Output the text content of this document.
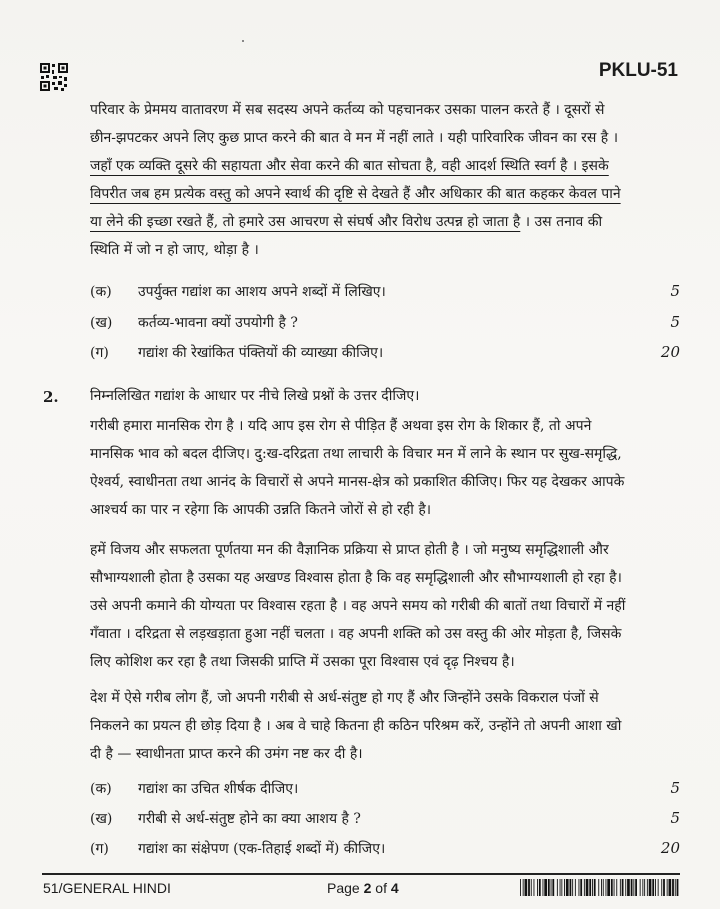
PKLU-51
परिवार के प्रेममय वातावरण में सब सदस्य अपने कर्तव्य को पहचानकर उसका पालन करते हैं । दूसरों से
छीन-झपटकर अपने लिए कुछ प्राप्त करने की बात वे मन में नहीं लाते । यही पारिवारिक जीवन का रस है ।
जहाँ एक व्यक्ति दूसरे की सहायता और सेवा करने की बात सोचता है, वही आदर्श स्थिति स्वर्ग है । इसके
विपरीत जब हम प्रत्येक वस्तु को अपने स्वार्थ की दृष्टि से देखते हैं और अधिकार की बात कहकर केवल पाने
या लेने की इच्छा रखते हैं, तो हमारे उस आचरण से संघर्ष और विरोध उत्पन्न हो जाता है । उस तनाव की
स्थिति में जो न हो जाए, थोड़ा है ।
(क) उपर्युक्त गद्यांश का आशय अपने शब्दों में लिखिए।	5
(ख) कर्तव्य-भावना क्यों उपयोगी है ?	5
(ग) गद्यांश की रेखांकित पंक्तियों की व्याख्या कीजिए।	20
2. निम्नलिखित गद्यांश के आधार पर नीचे लिखे प्रश्नों के उत्तर दीजिए।
गरीबी हमारा मानसिक रोग है । यदि आप इस रोग से पीड़ित हैं अथवा इस रोग के शिकार हैं, तो अपने
मानसिक भाव को बदल दीजिए। दु:ख-दरिद्रता तथा लाचारी के विचार मन में लाने के स्थान पर सुख-समृद्धि,
ऐश्वर्य, स्वाधीनता तथा आनंद के विचारों से अपने मानस-क्षेत्र को प्रकाशित कीजिए। फिर यह देखकर आपके
आश्चर्य का पार न रहेगा कि आपकी उन्नति कितने जोरों से हो रही है।
हमें विजय और सफलता पूर्णतया मन की वैज्ञानिक प्रक्रिया से प्राप्त होती है । जो मनुष्य समृद्धिशाली और
सौभाग्यशाली होता है उसका यह अखण्ड विश्वास होता है कि वह समृद्धिशाली और सौभाग्यशाली हो रहा है।
उसे अपनी कमाने की योग्यता पर विश्वास रहता है । वह अपने समय को गरीबी की बातों तथा विचारों में नहीं
गँवाता । दरिद्रता से लड़खड़ाता हुआ नहीं चलता । वह अपनी शक्ति को उस वस्तु की ओर मोड़ता है, जिसके
लिए कोशिश कर रहा है तथा जिसकी प्राप्ति में उसका पूरा विश्वास एवं दृढ़ निश्चय है।
देश में ऐसे गरीब लोग हैं, जो अपनी गरीबी से अर्ध-संतुष्ट हो गए हैं और जिन्होंने उसके विकराल पंजों से
निकलने का प्रयत्न ही छोड़ दिया है । अब वे चाहे कितना ही कठिन परिश्रम करें, उन्होंने तो अपनी आशा खो
दी है — स्वाधीनता प्राप्त करने की उमंग नष्ट कर दी है।
(क) गद्यांश का उचित शीर्षक दीजिए।	5
(ख) गरीबी से अर्ध-संतुष्ट होने का क्या आशय है ?	5
(ग) गद्यांश का संक्षेपण (एक-तिहाई शब्दों में) कीजिए।	20
51/GENERAL HINDI	Page 2 of 4
